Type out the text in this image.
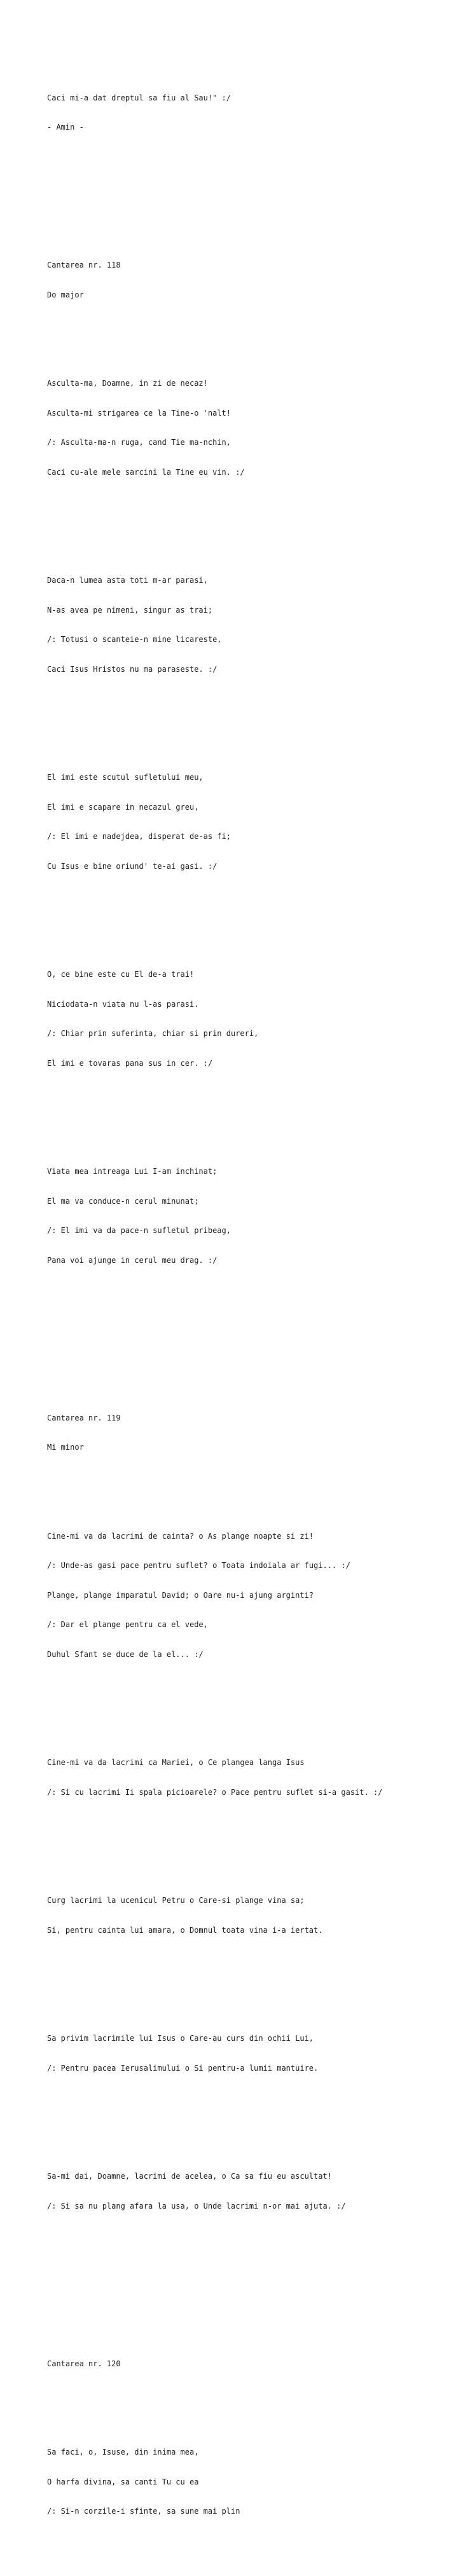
Caci mi-a dat dreptul sa fiu al Sau!" :/

- Amin -

Cantarea nr. 118

Do major

Asculta-ma, Doamne, in zi de necaz!

Asculta-mi strigarea ce la Tine-o 'nalt!

/: Asculta-ma-n ruga, cand Tie ma-nchin,

Caci cu-ale mele sarcini la Tine eu vin. :/

Daca-n lumea asta toti m-ar parasi,

N-as avea pe nimeni, singur as trai;

/: Totusi o scanteie-n mine licareste,

Caci Isus Hristos nu ma paraseste. :/

El imi este scutul sufletului meu,

El imi e scapare in necazul greu,

/: El imi e nadejdea, disperat de-as fi;

Cu Isus e bine oriund' te-ai gasi. :/

O, ce bine este cu El de-a trai!

Niciodata-n viata nu l-as parasi.

/: Chiar prin suferinta, chiar si prin dureri,

El imi e tovaras pana sus in cer. :/

Viata mea intreaga Lui I-am inchinat;

El ma va conduce-n cerul minunat;

/: El imi va da pace-n sufletul pribeag,

Pana voi ajunge in cerul meu drag. :/

Cantarea nr. 119

Mi minor

Cine-mi va da lacrimi de cainta? o As plange noapte si zi!

/: Unde-as gasi pace pentru suflet? o Toata indoiala ar fugi... :/

Plange, plange imparatul David; o Oare nu-i ajung arginti?

/: Dar el plange pentru ca el vede,

Duhul Sfant se duce de la el... :/

Cine-mi va da lacrimi ca Mariei, o Ce plangea langa Isus

/: Si cu lacrimi Ii spala picioarele? o Pace pentru suflet si-a gasit. :/

Curg lacrimi la ucenicul Petru o Care-si plange vina sa;

Si, pentru cainta lui amara, o Domnul toata vina i-a iertat.

Sa privim lacrimile lui Isus o Care-au curs din ochii Lui,

/: Pentru pacea Ierusalimului o Si pentru-a lumii mantuire.

Sa-mi dai, Doamne, lacrimi de acelea, o Ca sa fiu eu ascultat!

/: Si sa nu plang afara la usa, o Unde lacrimi n-or mai ajuta. :/

Cantarea nr. 120

Sa faci, o, Isuse, din inima mea,

O harfa divina, sa canti Tu cu ea

/: Si-n corzile-i sfinte, sa sune mai plin
